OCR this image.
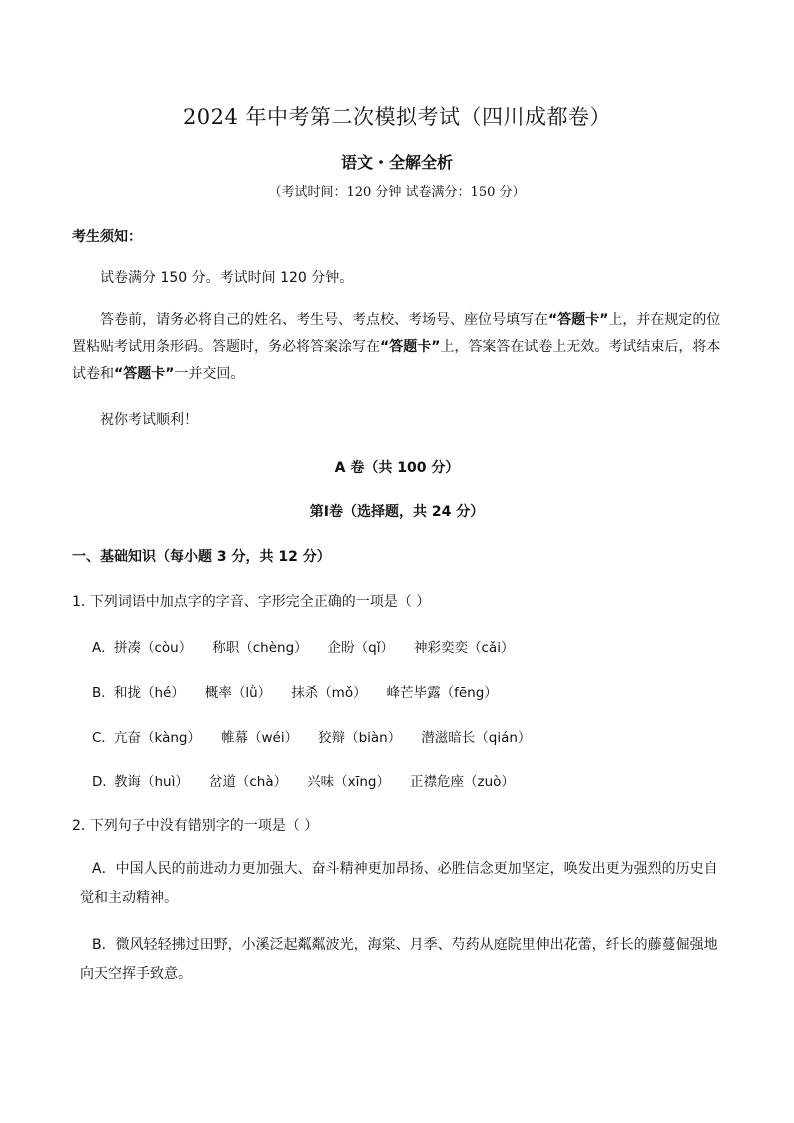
2024 年中考第二次模拟考试（四川成都卷）
语文・全解全析
（考试时间：120 分钟 试卷满分：150 分）
考生须知：
试卷满分 150 分。考试时间 120 分钟。
答卷前，请务必将自己的姓名、考生号、考点校、考场号、座位号填写在“答题卡”上，并在规定的位置粘贴考试用条形码。答题时，务必将答案涂写在“答题卡”上，答案答在试卷上无效。考试结束后，将本试卷和“答题卡”一并交回。
祝你考试顺利！
A 卷（共 100 分）
第Ⅰ卷（选择题，共 24 分）
一、基础知识（每小题 3 分，共 12 分）
1. 下列词语中加点字的字音、字形完全正确的一项是（ ）
A．拼凑（còu） 称职（chèng） 企盼（qǐ） 神彩奕奕（cǎi）
B．和拢（hé） 概率（lǜ） 抹杀（mǒ） 峰芒毕露（fēng）
C．亢奋（kàng） 帷幕（wéi） 狡辩（biàn） 潜滋暗长（qián）
D．教诲（huì） 岔道（chà） 兴味（xīng） 正襟危座（zuò）
2. 下列句子中没有错别字的一项是（ ）
A．中国人民的前进动力更加强大、奋斗精神更加昂扬、必胜信念更加坚定，唤发出更为强烈的历史自
觉和主动精神。
B．微风轻轻拂过田野，小溪泛起粼粼波光，海棠、月季、芍药从庭院里伸出花蕾，纤长的藤蔓倔强地
向天空挥手致意。
